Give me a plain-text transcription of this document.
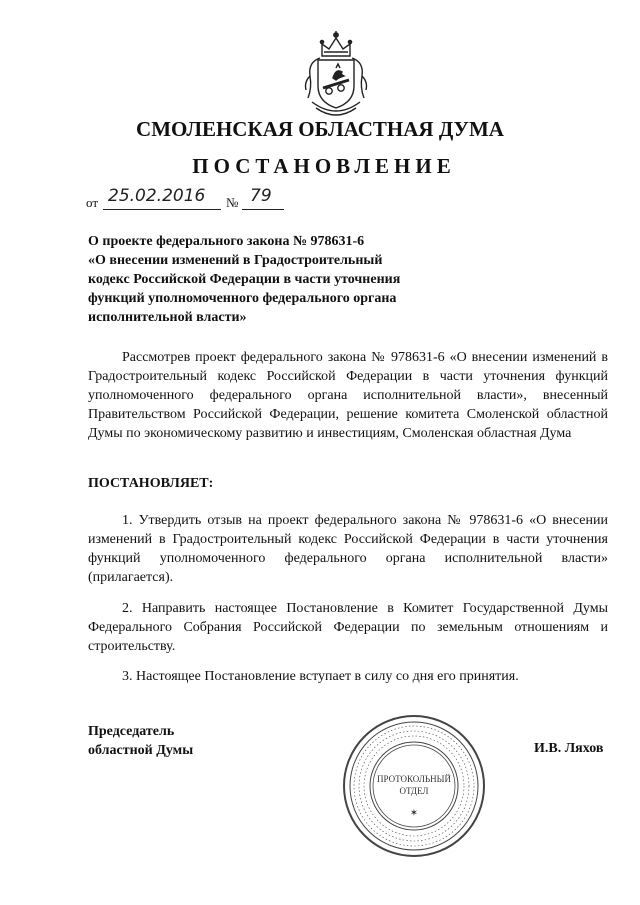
СМОЛЕНСКАЯ ОБЛАСТНАЯ ДУМА
ПОСТАНОВЛЕНИЕ
от 25.02.2016 № 79
О проекте федерального закона № 978631-6
«О внесении изменений в Градостроительный
кодекс Российской Федерации в части уточнения
функций уполномоченного федерального органа
исполнительной власти»
Рассмотрев проект федерального закона № 978631-6 «О внесении изменений в Градостроительный кодекс Российской Федерации в части уточнения функций уполномоченного федерального органа исполнительной власти», внесенный Правительством Российской Федерации, решение комитета Смоленской областной Думы по экономическому развитию и инвестициям, Смоленская областная Дума
ПОСТАНОВЛЯЕТ:
1. Утвердить отзыв на проект федерального закона № 978631-6 «О внесении изменений в Градостроительный кодекс Российской Федерации в части уточнения функций уполномоченного федерального органа исполнительной власти» (прилагается).
2. Направить настоящее Постановление в Комитет Государственной Думы Федерального Собрания Российской Федерации по земельным отношениям и строительству.
3. Настоящее Постановление вступает в силу со дня его принятия.
Председатель
областной Думы
ПРОТОКОЛЬНЫЙ
ОТДЕЛ
✶
И.В. Ляхов
